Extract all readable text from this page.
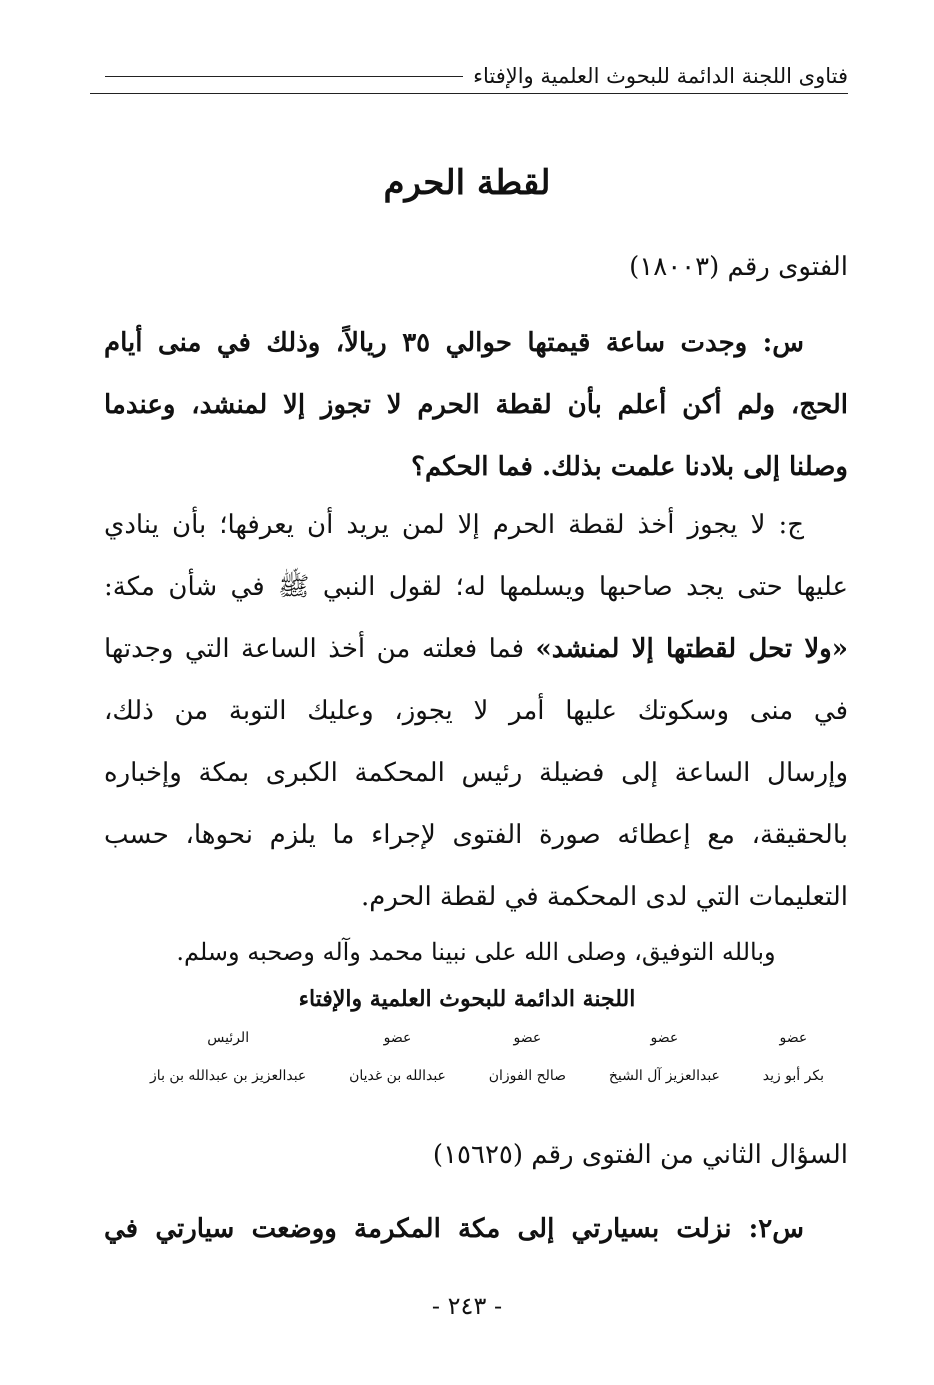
فتاوى اللجنة الدائمة للبحوث العلمية والإفتاء
لقطة الحرم
الفتوى رقم (١٨٠٠٣)
س: وجدت ساعة قيمتها حوالي ٣٥ ريالاً، وذلك في منى أيام
الحج، ولم أكن أعلم بأن لقطة الحرم لا تجوز إلا لمنشد، وعندما
وصلنا إلى بلادنا علمت بذلك. فما الحكم؟
ج: لا يجوز أخذ لقطة الحرم إلا لمن يريد أن يعرفها؛ بأن ينادي
عليها حتى يجد صاحبها ويسلمها له؛ لقول النبي ﷺ في شأن مكة:
«ولا تحل لقطتها إلا لمنشد» فما فعلته من أخذ الساعة التي وجدتها
في منى وسكوتك عليها أمر لا يجوز، وعليك التوبة من ذلك،
وإرسال الساعة إلى فضيلة رئيس المحكمة الكبرى بمكة وإخباره
بالحقيقة، مع إعطائه صورة الفتوى لإجراء ما يلزم نحوها، حسب
التعليمات التي لدى المحكمة في لقطة الحرم.
وبالله التوفيق، وصلى الله على نبينا محمد وآله وصحبه وسلم.
اللجنة الدائمة للبحوث العلمية والإفتاء
عضو
بكر أبو زيد
عضو
عبدالعزيز آل الشيخ
عضو
صالح الفوزان
عضو
عبدالله بن غديان
الرئيس
عبدالعزيز بن عبدالله بن باز
السؤال الثاني من الفتوى رقم (١٥٦٢٥)
س٢: نزلت بسيارتي إلى مكة المكرمة ووضعت سيارتي في
- ٢٤٣ -
